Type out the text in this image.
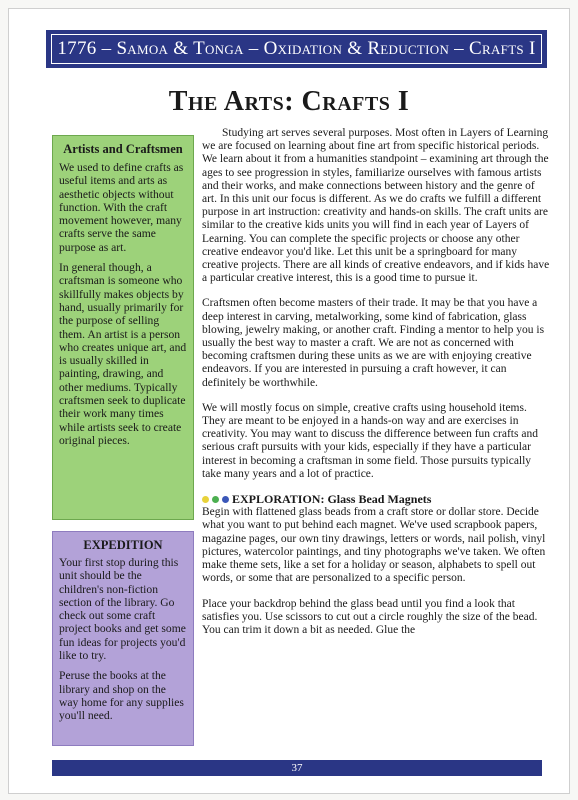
1776 – Samoa & Tonga – Oxidation & Reduction – Crafts I
The Arts: Crafts I
Artists and Craftsmen

We used to define crafts as useful items and arts as aesthetic objects without function. With the craft movement however, many crafts serve the same purpose as art.

In general though, a craftsman is someone who skillfully makes objects by hand, usually primarily for the purpose of selling them. An artist is a person who creates unique art, and is usually skilled in painting, drawing, and other mediums. Typically craftsmen seek to duplicate their work many times while artists seek to create original pieces.

EXPEDITION

Your first stop during this unit should be the children's non-fiction section of the library. Go check out some craft project books and get some fun ideas for projects you'd like to try.

Peruse the books at the library and shop on the way home for any supplies you'll need.

Studying art serves several purposes. Most often in Layers of Learning we are focused on learning about fine art from specific historical periods. We learn about it from a humanities standpoint – examining art through the ages to see progression in styles, familiarize ourselves with famous artists and their works, and make connections between history and the genre of art. In this unit our focus is different. As we do crafts we fulfill a different purpose in art instruction: creativity and hands-on skills. The craft units are similar to the creative kids units you will find in each year of Layers of Learning. You can complete the specific projects or choose any other creative endeavor you'd like. Let this unit be a springboard for many creative projects. There are all kinds of creative endeavors, and if kids have a particular creative interest, this is a good time to pursue it.

Craftsmen often become masters of their trade. It may be that you have a deep interest in carving, metalworking, some kind of fabrication, glass blowing, jewelry making, or another craft. Finding a mentor to help you is usually the best way to master a craft. We are not as concerned with becoming craftsmen during these units as we are with enjoying creative endeavors. If you are interested in pursuing a craft however, it can definitely be worthwhile.

We will mostly focus on simple, creative crafts using household items. They are meant to be enjoyed in a hands-on way and are exercises in creativity. You may want to discuss the difference between fun crafts and serious craft pursuits with your kids, especially if they have a particular interest in becoming a craftsman in some field. Those pursuits typically take many years and a lot of practice.

EXPLORATION: Glass Bead Magnets

Begin with flattened glass beads from a craft store or dollar store. Decide what you want to put behind each magnet. We've used scrapbook papers, magazine pages, our own tiny drawings, letters or words, nail polish, vinyl pictures, watercolor paintings, and tiny photographs we've taken. We often make theme sets, like a set for a holiday or season, alphabets to spell out words, or some that are personalized to a specific person.

Place your backdrop behind the glass bead until you find a look that satisfies you. Use scissors to cut out a circle roughly the size of the bead. You can trim it down a bit as needed. Glue the

37
